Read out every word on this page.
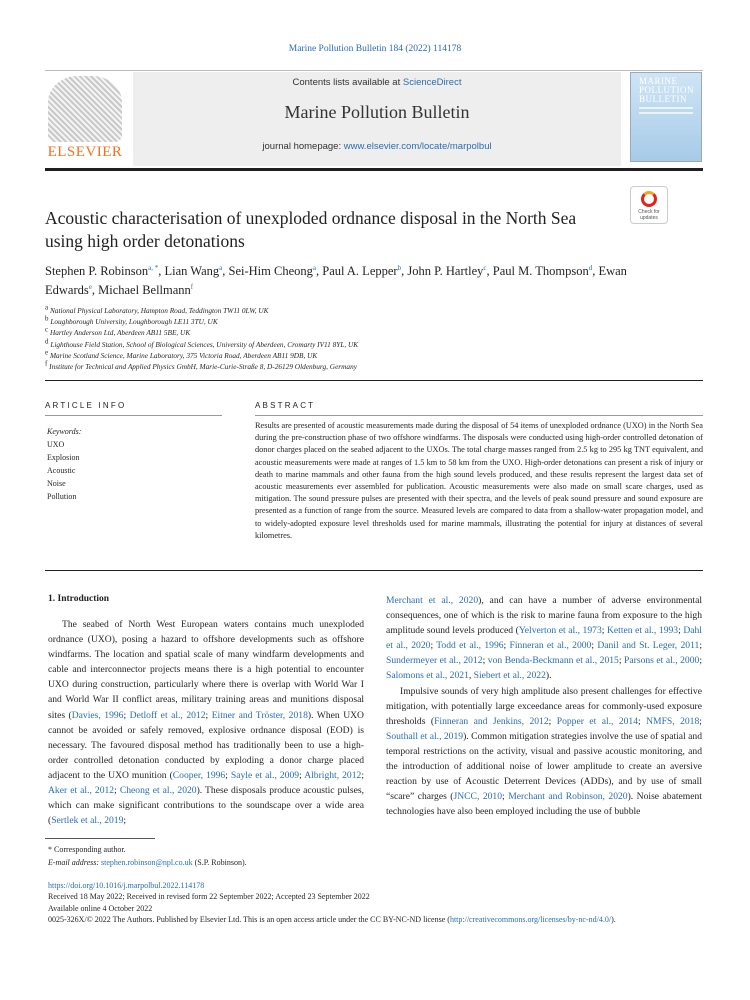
Marine Pollution Bulletin 184 (2022) 114178
ELSEVIER
Contents lists available at ScienceDirect
Marine Pollution Bulletin
journal homepage: www.elsevier.com/locate/marpolbul
MARINE POLLUTION BULLETIN
Acoustic characterisation of unexploded ordnance disposal in the North Sea using high order detonations
Check for updates
Stephen P. Robinson$^{a, *}$, Lian Wang$^a$, Sei-Him Cheong$^a$, Paul A. Lepper$^b$, John P. Hartley$^c$, Paul M. Thompson$^d$, Ewan Edwards$^e$, Michael Bellmann$^f$
$^a$ National Physical Laboratory, Hampton Road, Teddington TW11 0LW, UK
$^b$ Loughborough University, Loughborough LE11 3TU, UK
$^c$ Hartley Anderson Ltd, Aberdeen AB11 5BE, UK
$^d$ Lighthouse Field Station, School of Biological Sciences, University of Aberdeen, Cromarty IV11 8YL, UK
$^e$ Marine Scotland Science, Marine Laboratory, 375 Victoria Road, Aberdeen AB11 9DB, UK
$^f$ Institute for Technical and Applied Physics GmbH, Marie-Curie-Straße 8, D-26129 Oldenburg, Germany
ARTICLE INFO
Keywords:
UXO
Explosion
Acoustic
Noise
Pollution
ABSTRACT
Results are presented of acoustic measurements made during the disposal of 54 items of unexploded ordnance (UXO) in the North Sea during the pre-construction phase of two offshore windfarms. The disposals were conducted using high-order controlled detonation of donor charges placed on the seabed adjacent to the UXOs. The total charge masses ranged from 2.5 kg to 295 kg TNT equivalent, and acoustic measurements were made at ranges of 1.5 km to 58 km from the UXO. High-order detonations can present a risk of injury or death to marine mammals and other fauna from the high sound levels produced, and these results represent the largest data set of acoustic measurements ever assembled for publication. Acoustic measurements were also made on small scare charges, used as mitigation. The sound pressure pulses are presented with their spectra, and the levels of peak sound pressure and sound exposure are presented as a function of range from the source. Measured levels are compared to data from a shallow-water propagation model, and to widely-adopted exposure level thresholds used for marine mammals, illustrating the potential for injury at distances of several kilometres.
1. Introduction

The seabed of North West European waters contains much unexploded ordnance (UXO), posing a hazard to offshore developments such as offshore windfarms. The location and spatial scale of many windfarm developments and cable and interconnector projects means there is a high potential to encounter UXO during construction, particularly where there is overlap with World War I and World War II conflict areas, military training areas and munitions disposal sites (Davies, 1996; Detloff et al., 2012; Eitner and Tröster, 2018). When UXO cannot be avoided or safely removed, explosive ordnance disposal (EOD) is necessary. The favoured disposal method has traditionally been to use a high-order controlled detonation conducted by exploding a donor charge placed adjacent to the UXO munition (Cooper, 1996; Sayle et al., 2009; Albright, 2012; Aker et al., 2012; Cheong et al., 2020). These disposals produce acoustic pulses, which can make significant contributions to the soundscape over a wide area (Sertlek et al., 2019;

Merchant et al., 2020), and can have a number of adverse environmental consequences, one of which is the risk to marine fauna from exposure to the high amplitude sound levels produced (Yelverton et al., 1973; Ketten et al., 1993; Dahl et al., 2020; Todd et al., 1996; Finneran et al., 2000; Danil and St. Leger, 2011; Sundermeyer et al., 2012; von Benda-Beckmann et al., 2015; Parsons et al., 2000; Salomons et al., 2021, Siebert et al., 2022).

Impulsive sounds of very high amplitude also present challenges for effective mitigation, with potentially large exceedance areas for commonly-used exposure thresholds (Finneran and Jenkins, 2012; Popper et al., 2014; NMFS, 2018; Southall et al., 2019). Common mitigation strategies involve the use of spatial and temporal restrictions on the activity, visual and passive acoustic monitoring, and the introduction of additional noise of lower amplitude to create an aversive reaction by use of Acoustic Deterrent Devices (ADDs), and by use of small “scare” charges (JNCC, 2010; Merchant and Robinson, 2020). Noise abatement technologies have also been employed including the use of bubble

* Corresponding author.
E-mail address: stephen.robinson@npl.co.uk (S.P. Robinson).
https://doi.org/10.1016/j.marpolbul.2022.114178
Received 18 May 2022; Received in revised form 22 September 2022; Accepted 23 September 2022
Available online 4 October 2022
0025-326X/© 2022 The Authors. Published by Elsevier Ltd. This is an open access article under the CC BY-NC-ND license (http://creativecommons.org/licenses/by-nc-nd/4.0/).
